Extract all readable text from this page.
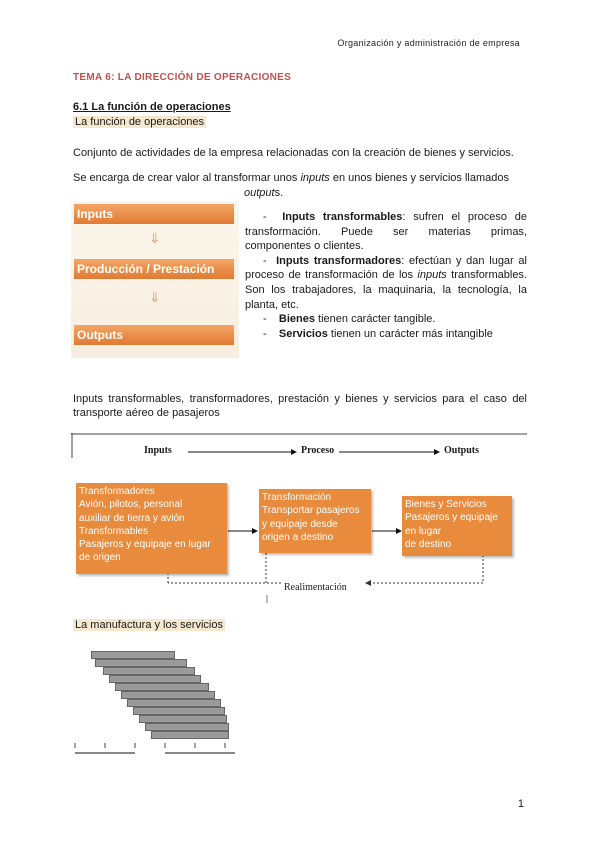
Organización y administración de empresa
TEMA 6: LA DIRECCIÓN DE OPERACIONES
6.1 La función de operaciones
La función de operaciones
Conjunto de actividades de la empresa relacionadas con la creación de bienes y servicios.
Se encarga de crear valor al transformar unos inputs en unos bienes y servicios llamados
outputs.
Inputs
⇓
Producción / Prestación
⇓
Outputs

- Inputs transformables: sufren el proceso de transformación. Puede ser materias primas, componentes o clientes.

- Inputs transformadores: efectúan y dan lugar al proceso de transformación de los inputs transformables. Son los trabajadores, la maquinaria, la tecnología, la planta, etc.

- Bienes tienen carácter tangible.

- Servicios tienen un carácter más intangible

Inputs transformables, transformadores, prestación y bienes y servicios para el caso del transporte aéreo de pasajeros
Inputs	Proceso	Outputs
Transformadores
Avión, pilotos, personal
auxiliar de tierra y avión
Transformables
Pasajeros y equipaje en lugar
de origen
Transformación
Transportar pasajeros
y equipaje desde
origen a destino
Bienes y Servicios
Pasajeros y equipaje
en lugar
de destino
Realimentación
La manufactura y los servicios
1
